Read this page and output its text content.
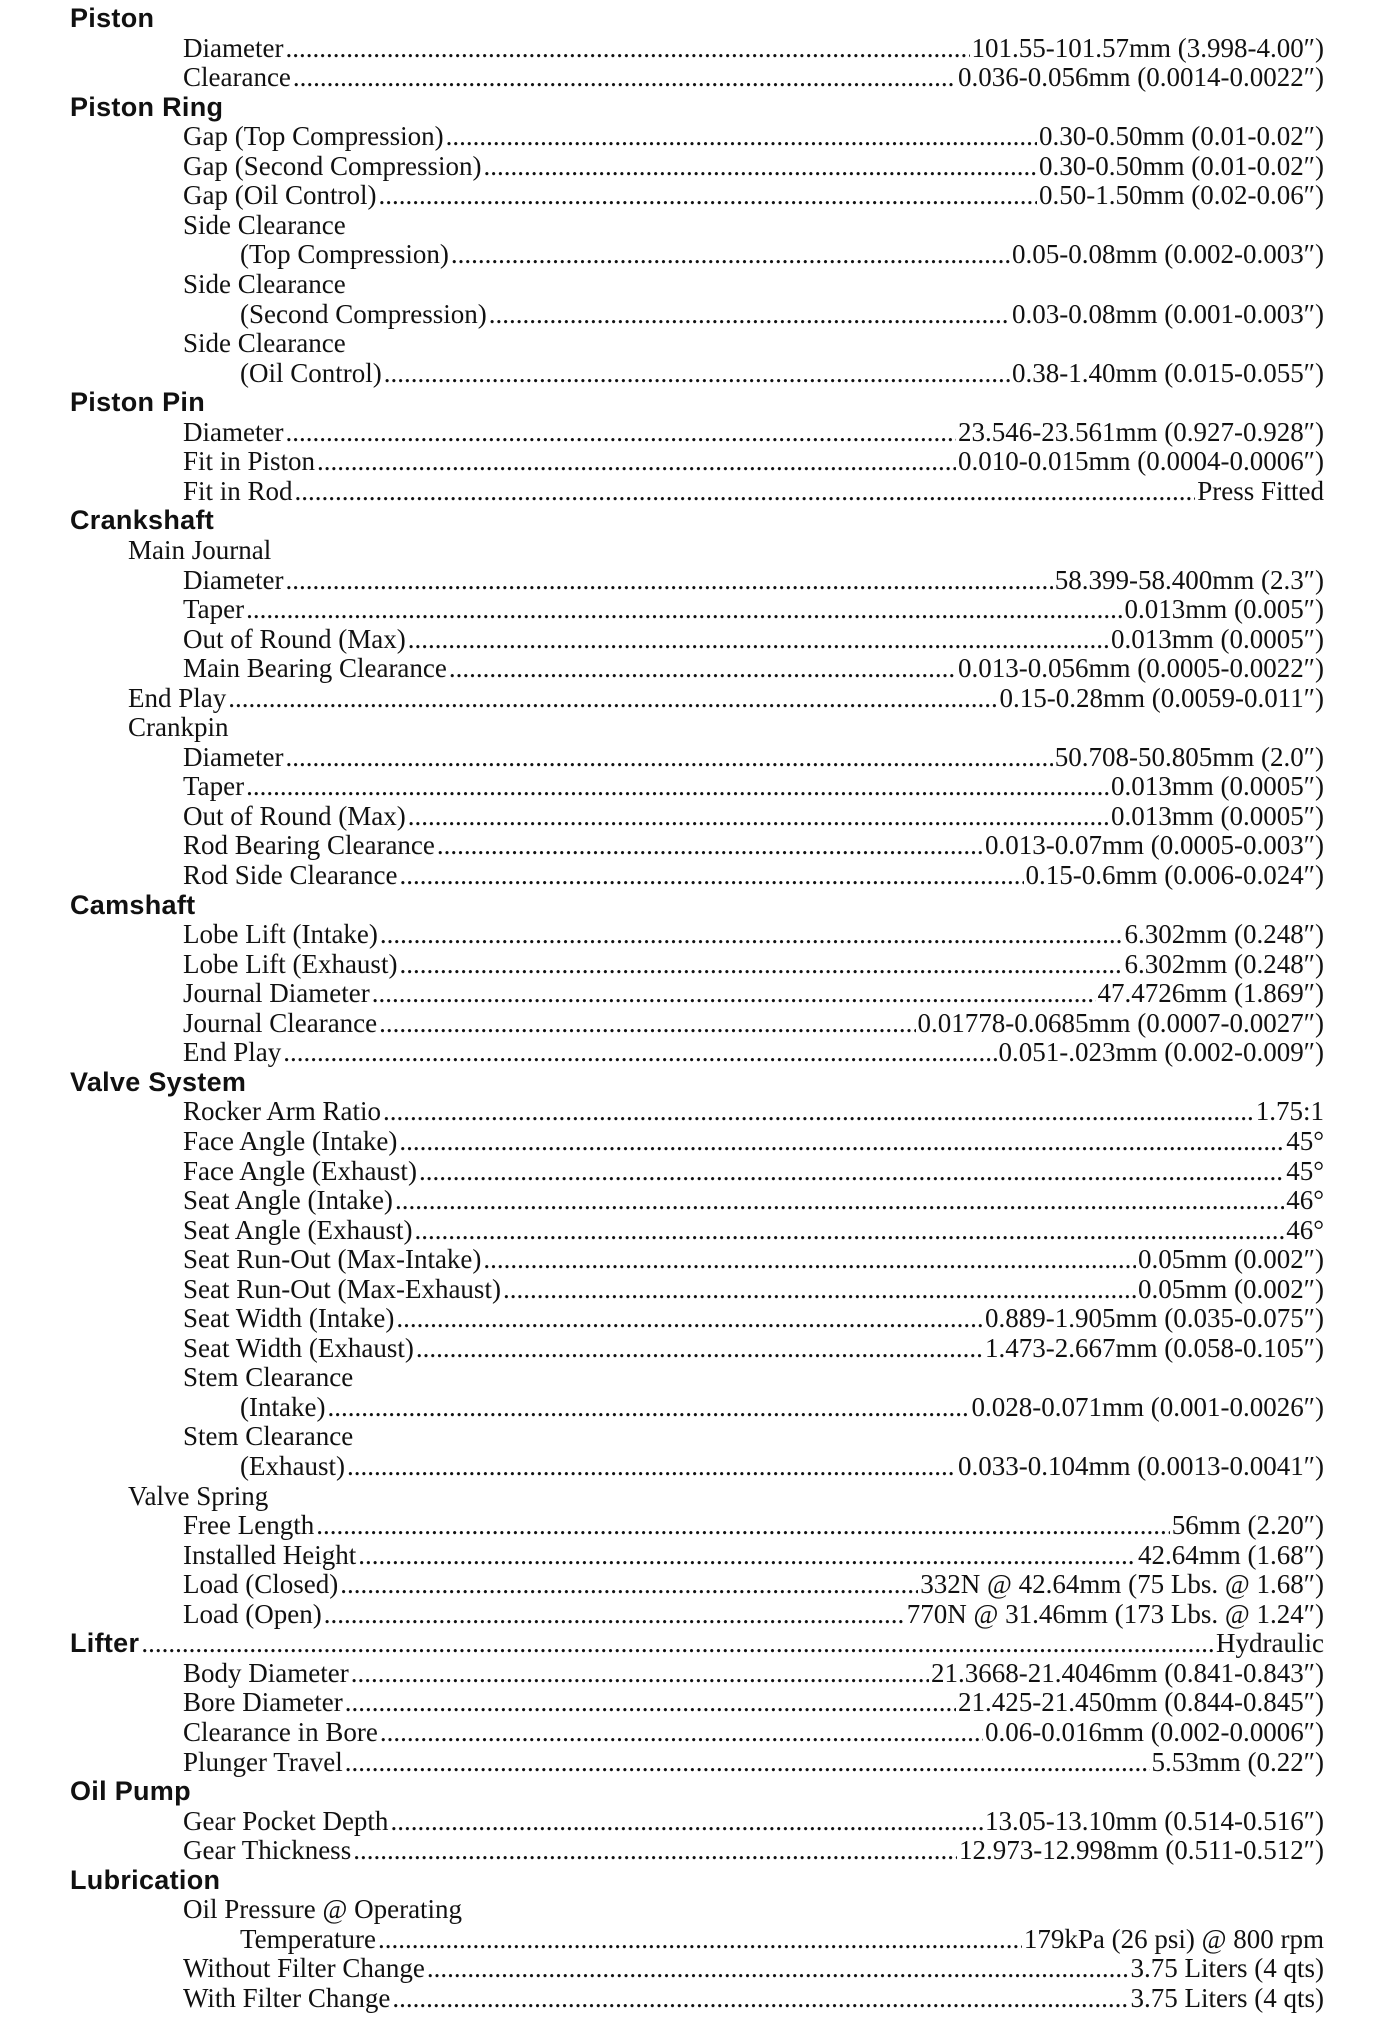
Piston
Diameter .....	101.55-101.57mm (3.998-4.00″)
Clearance .....	0.036-0.056mm (0.0014-0.0022″)
Piston Ring
Gap (Top Compression) .....	0.30-0.50mm (0.01-0.02″)
Gap (Second Compression) .....	0.30-0.50mm (0.01-0.02″)
Gap (Oil Control) .....	0.50-1.50mm (0.02-0.06″)
Side Clearance
(Top Compression) .....	0.05-0.08mm (0.002-0.003″)
Side Clearance
(Second Compression) .....	0.03-0.08mm (0.001-0.003″)
Side Clearance
(Oil Control) .....	0.38-1.40mm (0.015-0.055″)
Piston Pin
Diameter .....	23.546-23.561mm (0.927-0.928″)
Fit in Piston .....	0.010-0.015mm (0.0004-0.0006″)
Fit in Rod .....	Press Fitted
Crankshaft
Main Journal
Diameter .....	58.399-58.400mm (2.3″)
Taper .....	0.013mm (0.005″)
Out of Round (Max) .....	0.013mm (0.0005″)
Main Bearing Clearance .....	0.013-0.056mm (0.0005-0.0022″)
End Play .....	0.15-0.28mm (0.0059-0.011″)
Crankpin
Diameter .....	50.708-50.805mm (2.0″)
Taper .....	0.013mm (0.0005″)
Out of Round (Max) .....	0.013mm (0.0005″)
Rod Bearing Clearance .....	0.013-0.07mm (0.0005-0.003″)
Rod Side Clearance .....	0.15-0.6mm (0.006-0.024″)
Camshaft
Lobe Lift (Intake) .....	6.302mm (0.248″)
Lobe Lift (Exhaust) .....	6.302mm (0.248″)
Journal Diameter .....	47.4726mm (1.869″)
Journal Clearance .....	0.01778-0.0685mm (0.0007-0.0027″)
End Play .....	0.051-.023mm (0.002-0.009″)
Valve System
Rocker Arm Ratio .....	1.75:1
Face Angle (Intake) .....	45°
Face Angle (Exhaust) .....	45°
Seat Angle (Intake) .....	46°
Seat Angle (Exhaust) .....	46°
Seat Run-Out (Max-Intake) .....	0.05mm (0.002″)
Seat Run-Out (Max-Exhaust) .....	0.05mm (0.002″)
Seat Width (Intake) .....	0.889-1.905mm (0.035-0.075″)
Seat Width (Exhaust) .....	1.473-2.667mm (0.058-0.105″)
Stem Clearance
(Intake) .....	0.028-0.071mm (0.001-0.0026″)
Stem Clearance
(Exhaust) .....	0.033-0.104mm (0.0013-0.0041″)
Valve Spring
Free Length .....	56mm (2.20″)
Installed Height .....	42.64mm (1.68″)
Load (Closed) .....	332N @ 42.64mm (75 Lbs. @ 1.68″)
Load (Open) .....	770N @ 31.46mm (173 Lbs. @ 1.24″)
Lifter .....	Hydraulic
Body Diameter .....	21.3668-21.4046mm (0.841-0.843″)
Bore Diameter .....	21.425-21.450mm (0.844-0.845″)
Clearance in Bore .....	0.06-0.016mm (0.002-0.0006″)
Plunger Travel .....	5.53mm (0.22″)
Oil Pump
Gear Pocket Depth .....	13.05-13.10mm (0.514-0.516″)
Gear Thickness .....	12.973-12.998mm (0.511-0.512″)
Lubrication
Oil Pressure @ Operating
Temperature .....	179kPa (26 psi) @ 800 rpm
Without Filter Change .....	3.75 Liters (4 qts)
With Filter Change .....	3.75 Liters (4 qts)
